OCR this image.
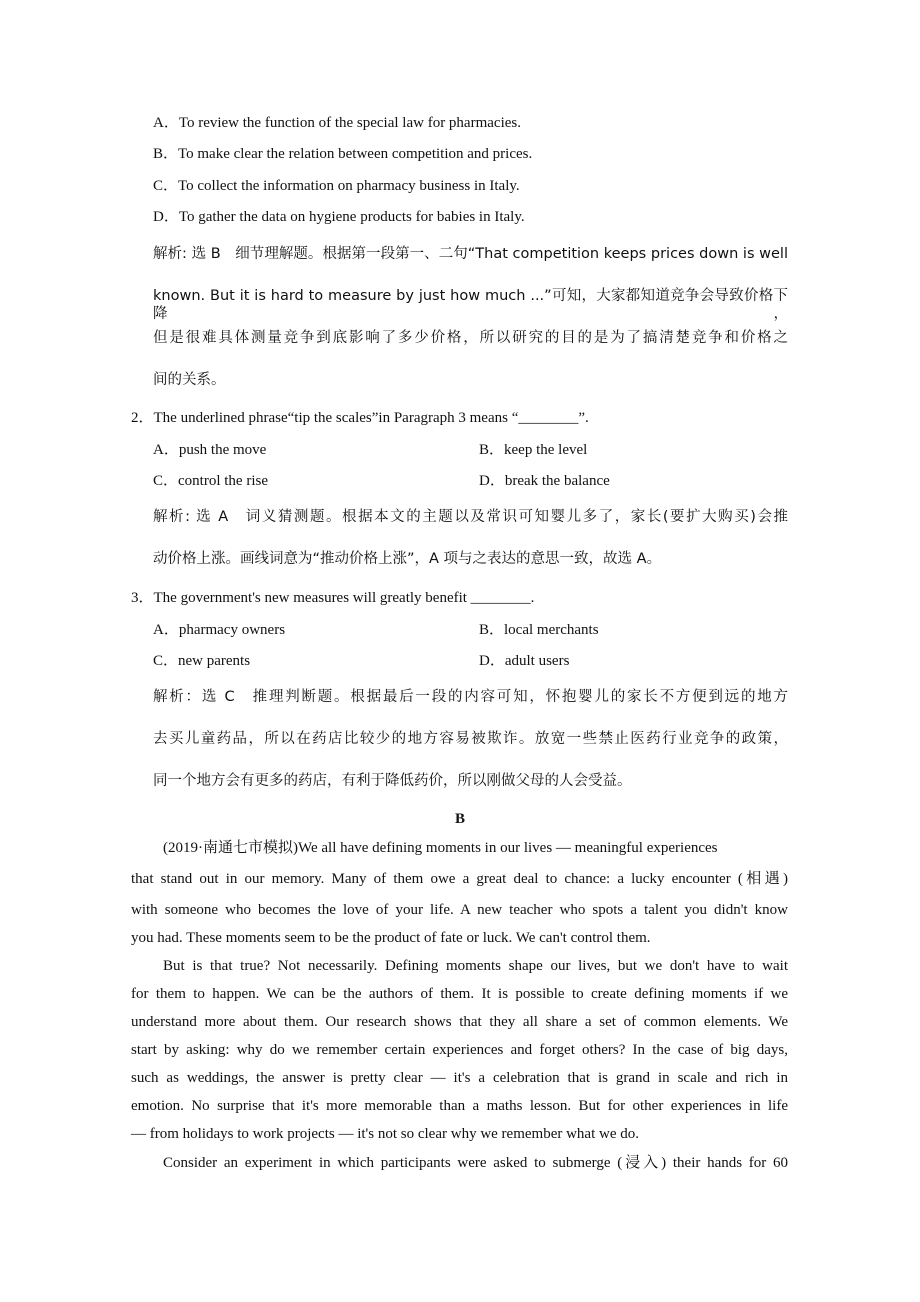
A．To review the function of the special law for pharmacies.
B．To make clear the relation between competition and prices.
C．To collect the information on pharmacy business in Italy.
D．To gather the data on hygiene products for babies in Italy.
解析: 选 B　细节理解题。根据第一段第一、二句“That competition keeps prices down is well
known. But it is hard to measure by just how much ...”可知，大家都知道竞争会导致价格下降，
但是很难具体测量竞争到底影响了多少价格，所以研究的目的是为了搞清楚竞争和价格之
间的关系。
2．The underlined phrase“tip the scales”in Paragraph 3 means “________”.
A．push the move	B．keep the level
C．control the rise	D．break the balance
解析: 选 A　词义猜测题。根据本文的主题以及常识可知婴儿多了，家长(要扩大购买)会推
动价格上涨。画线词意为“推动价格上涨”，A 项与之表达的意思一致，故选 A。
3．The government's new measures will greatly benefit ________.
A．pharmacy owners	B．local merchants
C．new parents	D．adult users
解析：选 C　推理判断题。根据最后一段的内容可知，怀抱婴儿的家长不方便到远的地方
去买儿童药品，所以在药店比较少的地方容易被欺诈。放宽一些禁止医药行业竞争的政策，
同一个地方会有更多的药店，有利于降低药价，所以刚做父母的人会受益。
B
(2019·南通七市模拟)We all have defining moments in our lives — meaningful experiences
that stand out in our memory. Many of them owe a great deal to chance: a lucky encounter (相遇)
with someone who becomes the love of your life. A new teacher who spots a talent you didn't know
you had. These moments seem to be the product of fate or luck. We can't control them.
But is that true? Not necessarily. Defining moments shape our lives, but we don't have to wait
for them to happen. We can be the authors of them. It is possible to create defining moments if we
understand more about them. Our research shows that they all share a set of common elements. We
start by asking: why do we remember certain experiences and forget others? In the case of big days,
such as weddings, the answer is pretty clear — it's a celebration that is grand in scale and rich in
emotion. No surprise that it's more memorable than a maths lesson. But for other experiences in life
— from holidays to work projects — it's not so clear why we remember what we do.
Consider an experiment in which participants were asked to submerge (浸入) their hands for 60
